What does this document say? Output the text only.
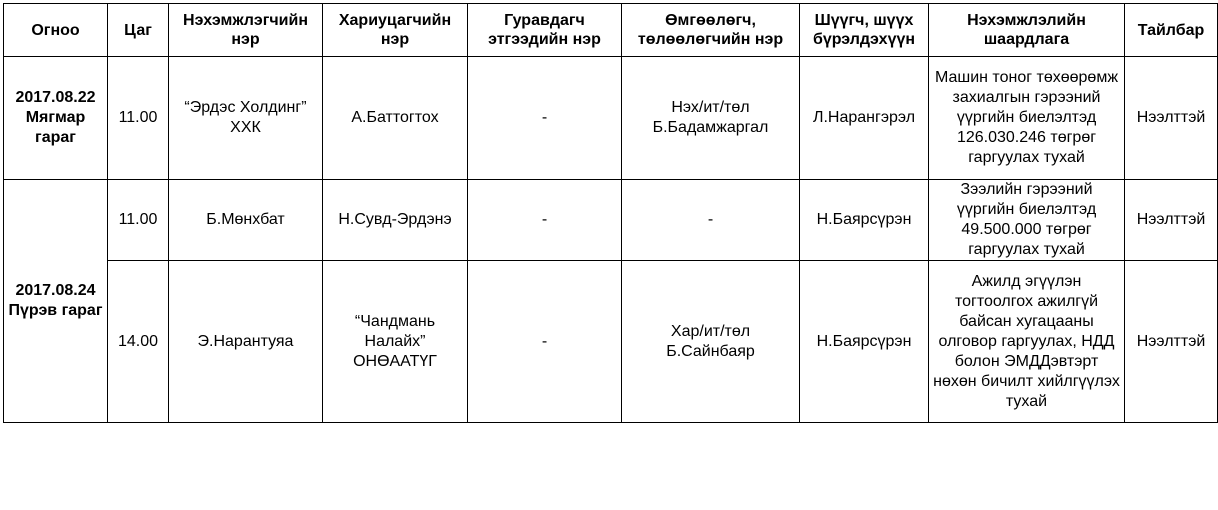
Огноо	Цаг	Нэхэмжлэгчийн нэр	Хариуцагчийн нэр	Гуравдагч этгээдийн нэр	Өмгөөлөгч, төлөөлөгчийн нэр	Шүүгч, шүүх бүрэлдэхүүн	Нэхэмжлэлийн шаардлага	Тайлбар
2017.08.22 Мягмар гараг	11.00	“Эрдэс Холдинг” ХХК	А.Баттогтох	-	Нэх/ит/төл Б.Бадамжаргал	Л.Нарангэрэл	Машин тоног төхөөрөмж захиалгын гэрээний үүргийн биелэлтэд 126.030.246 төгрөг гаргуулах тухай	Нээлттэй
2017.08.24 Пүрэв гараг	11.00	Б.Мөнхбат	Н.Сувд-Эрдэнэ	-	-	Н.Баярсүрэн	Зээлийн гэрээний үүргийн биелэлтэд 49.500.000 төгрөг гаргуулах тухай	Нээлттэй
	14.00	Э.Нарантуяа	“Чандмань Налайх” ОНӨААТҮГ	-	Хар/ит/төл Б.Сайнбаяр	Н.Баярсүрэн	Ажилд эгүүлэн тогтоолгох ажилгүй байсан хугацааны олговор гаргуулах, НДД болон ЭМДДэвтэрт нөхөн бичилт хийлгүүлэх тухай	Нээлттэй
